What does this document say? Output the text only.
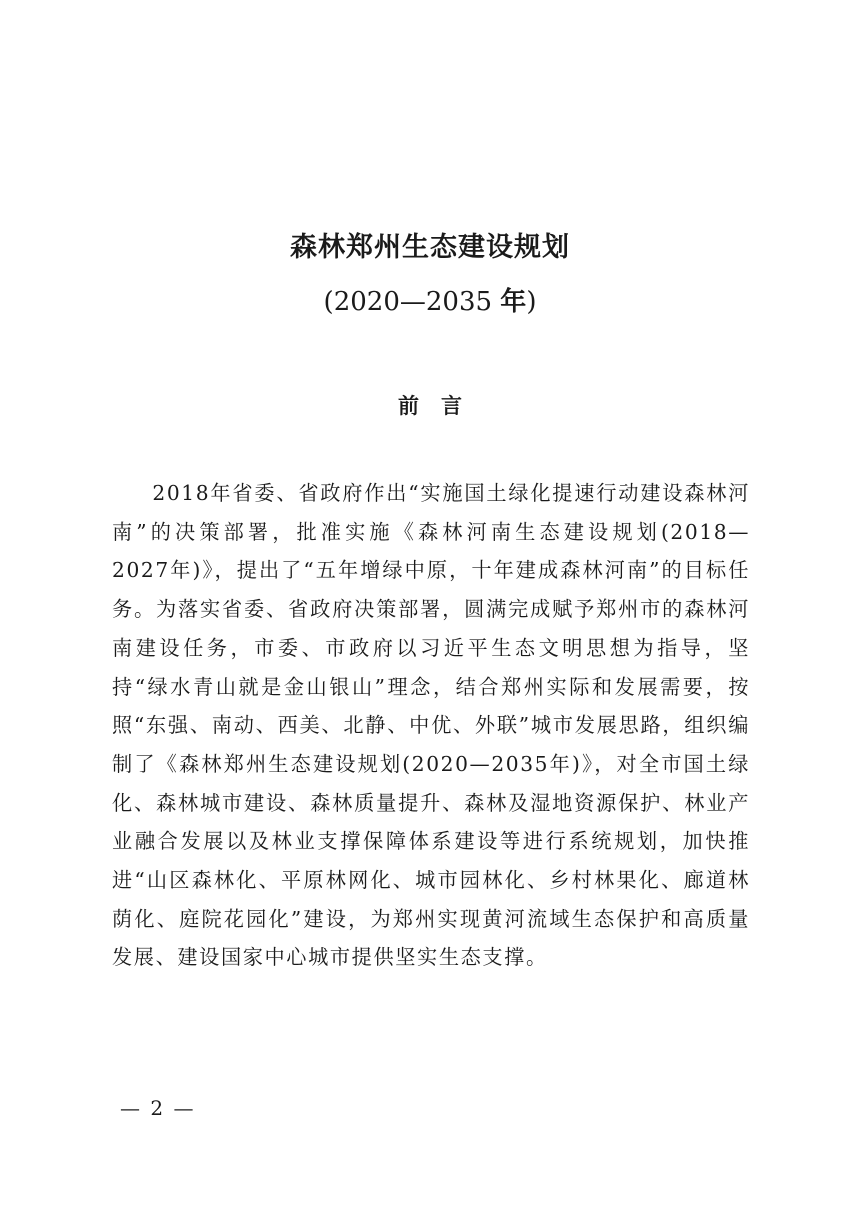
森林郑州生态建设规划

(2020—2035 年)

前言

2018年省委、省政府作出“实施国土绿化提速行动建设森林河南”的决策部署，批准实施《森林河南生态建设规划(2018—2027年)》，提出了“五年增绿中原，十年建成森林河南”的目标任务。为落实省委、省政府决策部署，圆满完成赋予郑州市的森林河南建设任务，市委、市政府以习近平生态文明思想为指导，坚持“绿水青山就是金山银山”理念，结合郑州实际和发展需要，按照“东强、南动、西美、北静、中优、外联”城市发展思路，组织编制了《森林郑州生态建设规划(2020—2035年)》，对全市国土绿化、森林城市建设、森林质量提升、森林及湿地资源保护、林业产业融合发展以及林业支撑保障体系建设等进行系统规划，加快推进“山区森林化、平原林网化、城市园林化、乡村林果化、廊道林荫化、庭院花园化”建设，为郑州实现黄河流域生态保护和高质量发展、建设国家中心城市提供坚实生态支撑。

— 2 —
